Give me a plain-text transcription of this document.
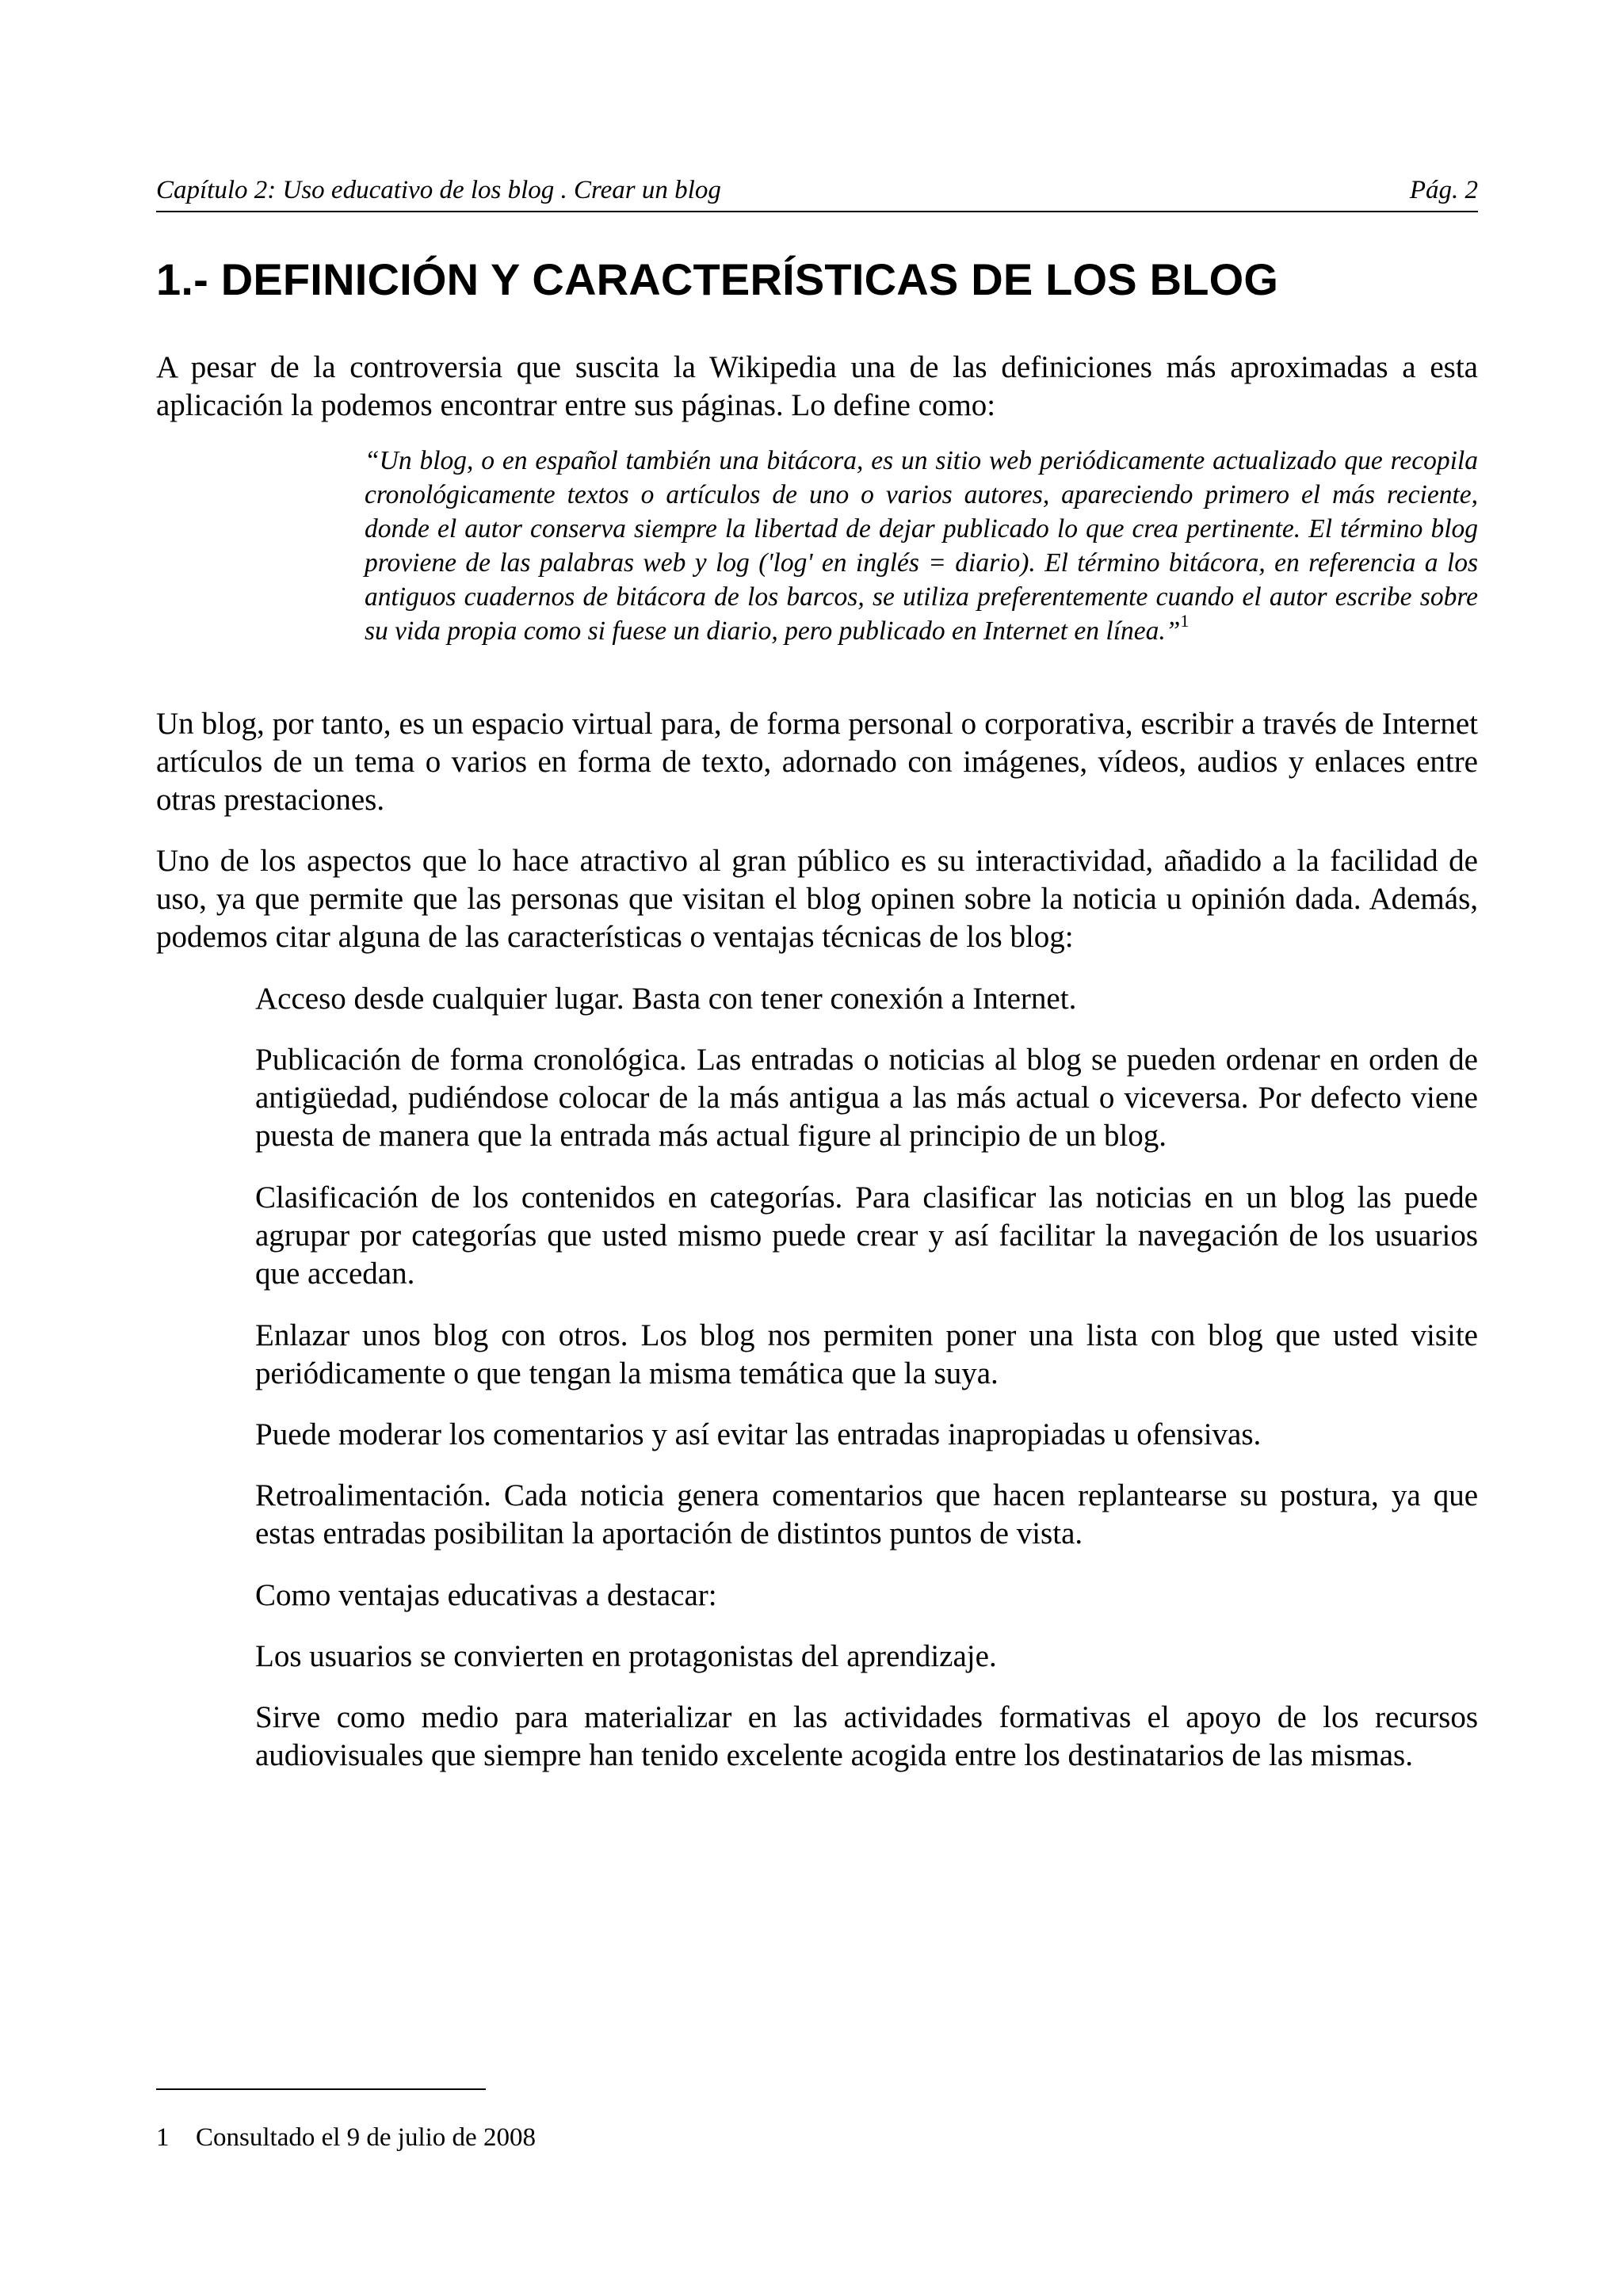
Capítulo 2: Uso educativo de los blog . Crear un blog	Pág. 2
1.- DEFINICIÓN Y CARACTERÍSTICAS DE LOS BLOG

A pesar de la controversia que suscita la Wikipedia una de las definiciones más aproximadas a esta aplicación la podemos encontrar entre sus páginas. Lo define como:

“Un blog, o en español también una bitácora, es un sitio web periódicamente actualizado que recopila cronológicamente textos o artículos de uno o varios autores, apareciendo primero el más reciente, donde el autor conserva siempre la libertad de dejar publicado lo que crea pertinente. El término blog proviene de las palabras web y log ('log' en inglés = diario). El término bitácora, en referencia a los antiguos cuadernos de bitácora de los barcos, se utiliza preferentemente cuando el autor escribe sobre su vida propia como si fuese un diario, pero publicado en Internet en línea.”$^1$

Un blog, por tanto, es un espacio virtual para, de forma personal o corporativa, escribir a través de Internet artículos de un tema o varios en forma de texto, adornado con imágenes, vídeos, audios y enlaces entre otras prestaciones.

Uno de los aspectos que lo hace atractivo al gran público es su interactividad, añadido a la facilidad de uso, ya que permite que las personas que visitan el blog opinen sobre la noticia u opinión dada. Además, podemos citar alguna de las características o ventajas técnicas de los blog:

Acceso desde cualquier lugar. Basta con tener conexión a Internet.

Publicación de forma cronológica. Las entradas o noticias al blog se pueden ordenar en orden de antigüedad, pudiéndose colocar de la más antigua a las más actual o viceversa. Por defecto viene puesta de manera que la entrada más actual figure al principio de un blog.

Clasificación de los contenidos en categorías. Para clasificar las noticias en un blog las puede agrupar por categorías que usted mismo puede crear y así facilitar la navegación de los usuarios que accedan.

Enlazar unos blog con otros. Los blog nos permiten poner una lista con blog que usted visite periódicamente o que tengan la misma temática que la suya.

Puede moderar los comentarios y así evitar las entradas inapropiadas u ofensivas.

Retroalimentación. Cada noticia genera comentarios que hacen replantearse su postura, ya que estas entradas posibilitan la aportación de distintos puntos de vista.

Como ventajas educativas a destacar:

Los usuarios se convierten en protagonistas del aprendizaje.

Sirve como medio para materializar en las actividades formativas el apoyo de los recursos audiovisuales que siempre han tenido excelente acogida entre los destinatarios de las mismas.

1 Consultado el 9 de julio de 2008
